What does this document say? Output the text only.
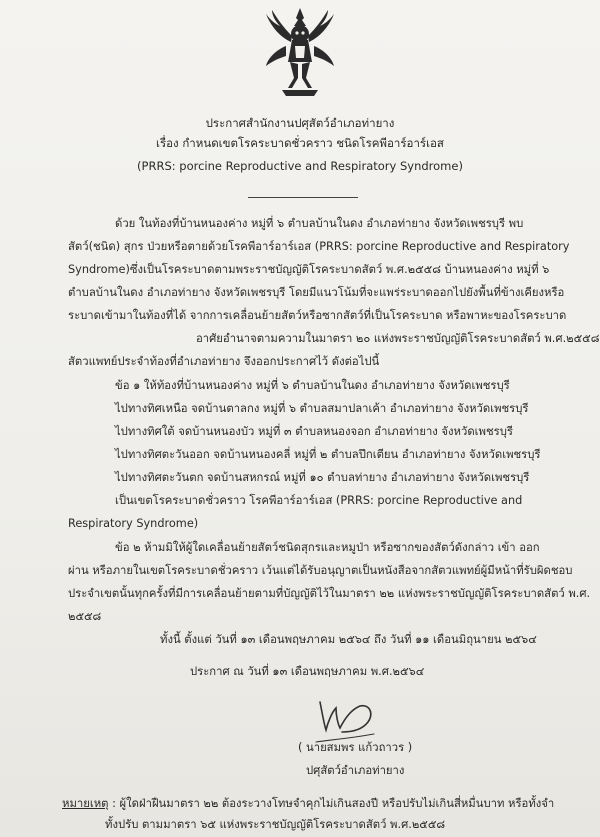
ประกาศสำนักงานปศุสัตว์อำเภอท่ายาง
เรื่อง กำหนดเขตโรคระบาดชั่วคราว ชนิดโรคพีอาร์อาร์เอส
(PRRS: porcine Reproductive and Respiratory Syndrome)
ด้วย ในท้องที่บ้านหนองค่าง หมู่ที่ ๖ ตำบลบ้านในดง อำเภอท่ายาง จังหวัดเพชรบุรี พบ
สัตว์(ชนิด) สุกร ป่วยหรือตายด้วยโรคพีอาร์อาร์เอส (PRRS: porcine Reproductive and Respiratory
Syndrome)ซึ่งเป็นโรคระบาดตามพระราชบัญญัติโรคระบาดสัตว์ พ.ศ.๒๕๕๘ บ้านหนองค่าง หมู่ที่ ๖
ตำบลบ้านในดง อำเภอท่ายาง จังหวัดเพชรบุรี โดยมีแนวโน้มที่จะแพร่ระบาดออกไปยังพื้นที่ข้างเคียงหรือ
ระบาดเข้ามาในท้องที่ได้ จากการเคลื่อนย้ายสัตว์หรือซากสัตว์ที่เป็นโรคระบาด หรือพาหะของโรคระบาด
อาศัยอำนาจตามความในมาตรา ๒๐ แห่งพระราชบัญญัติโรคระบาดสัตว์ พ.ศ.๒๕๕๘
สัตวแพทย์ประจำท้องที่อำเภอท่ายาง จึงออกประกาศไว้ ดังต่อไปนี้
ข้อ ๑ ให้ท้องที่บ้านหนองค่าง หมู่ที่ ๖ ตำบลบ้านในดง อำเภอท่ายาง จังหวัดเพชรบุรี
ไปทางทิศเหนือ จดบ้านตาลกง หมู่ที่ ๖ ตำบลสมาปลาเค้า อำเภอท่ายาง จังหวัดเพชรบุรี
ไปทางทิศใต้ จดบ้านหนองบัว หมู่ที่ ๓ ตำบลหนองจอก อำเภอท่ายาง จังหวัดเพชรบุรี
ไปทางทิศตะวันออก จดบ้านหนองคลี่ หมู่ที่ ๒ ตำบลปึกเตียน อำเภอท่ายาง จังหวัดเพชรบุรี
ไปทางทิศตะวันตก จดบ้านสหกรณ์ หมู่ที่ ๑๐ ตำบลท่ายาง อำเภอท่ายาง จังหวัดเพชรบุรี
เป็นเขตโรคระบาดชั่วคราว โรคพีอาร์อาร์เอส (PRRS: porcine Reproductive and
Respiratory Syndrome)
ข้อ ๒ ห้ามมิให้ผู้ใดเคลื่อนย้ายสัตว์ชนิดสุกรและหมูป่า หรือซากของสัตว์ดังกล่าว เข้า ออก
ผ่าน หรือภายในเขตโรคระบาดชั่วคราว เว้นแต่ได้รับอนุญาตเป็นหนังสือจากสัตวแพทย์ผู้มีหน้าที่รับผิดชอบ
ประจำเขตนั้นทุกครั้งที่มีการเคลื่อนย้ายตามที่บัญญัติไว้ในมาตรา ๒๒ แห่งพระราชบัญญัติโรคระบาดสัตว์ พ.ศ.
๒๕๕๘
ทั้งนี้ ตั้งแต่ วันที่ ๑๓ เดือนพฤษภาคม ๒๕๖๔ ถึง วันที่ ๑๑ เดือนมิถุนายน ๒๕๖๔
ประกาศ ณ วันที่ ๑๓ เดือนพฤษภาคม พ.ศ.๒๕๖๔
( นายสมพร แก้วถาวร )
ปศุสัตว์อำเภอท่ายาง
หมายเหตุ : ผู้ใดฝ่าฝืนมาตรา ๒๒ ต้องระวางโทษจำคุกไม่เกินสองปี หรือปรับไม่เกินสี่หมื่นบาท หรือทั้งจำ
ทั้งปรับ ตามมาตรา ๖๕ แห่งพระราชบัญญัติโรคระบาดสัตว์ พ.ศ.๒๕๕๘
